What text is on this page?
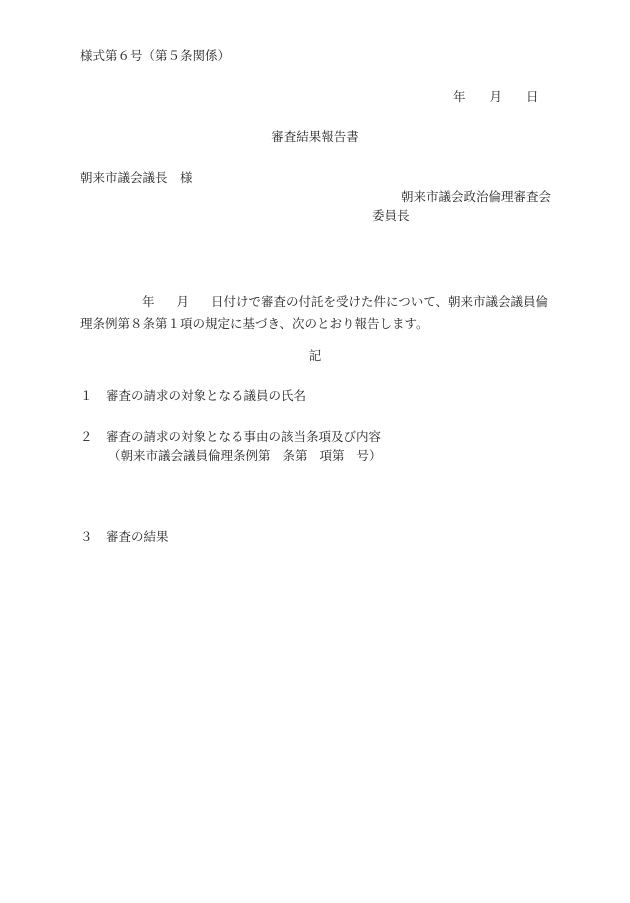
様式第６号（第５条関係）
年 月 日
審査結果報告書
朝来市議会議長　様
朝来市議会政治倫理審査会
委員長
年 月 日付けで審査の付託を受けた件について、朝来市議会議員倫
理条例第８条第１項の規定に基づき、次のとおり報告します。
記
１ 審査の請求の対象となる議員の氏名
２ 審査の請求の対象となる事由の該当条項及び内容
（朝来市議会議員倫理条例第 条第 項第 号）
３ 審査の結果
